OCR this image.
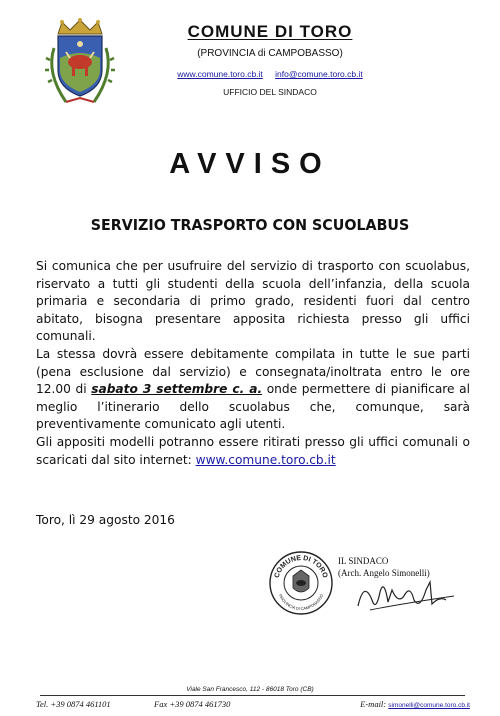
COMUNE DI TORO
(PROVINCIA di CAMPOBASSO)
www.comune.toro.cb.it info@comune.toro.cb.it
UFFICIO DEL SINDACO
AVVISO
SERVIZIO TRASPORTO CON SCUOLABUS

Si comunica che per usufruire del servizio di trasporto con scuolabus, riservato a tutti gli studenti della scuola dell’infanzia, della scuola primaria e secondaria di primo grado, residenti fuori dal centro abitato, bisogna presentare apposita richiesta presso gli uffici comunali.

La stessa dovrà essere debitamente compilata in tutte le sue parti (pena esclusione dal servizio) e consegnata/inoltrata entro le ore 12.00 di sabato 3 settembre c. a. onde permettere di pianificare al meglio l’itinerario dello scuolabus che, comunque, sarà preventivamente comunicato agli utenti.

Gli appositi modelli potranno essere ritirati presso gli uffici comunali o scaricati dal sito internet: www.comune.toro.cb.it

Toro, lì 29 agosto 2016
COMUNE DI TORO
PROVINCIA DI CAMPOBASSO
IL SINDACO
(Arch. Angelo Simonelli)
Viale San Francesco, 112 - 86018 Toro (CB)
Tel. +39 0874 461101	Fax +39 0874 461730	E-mail: simonelli@comune.toro.cb.it
